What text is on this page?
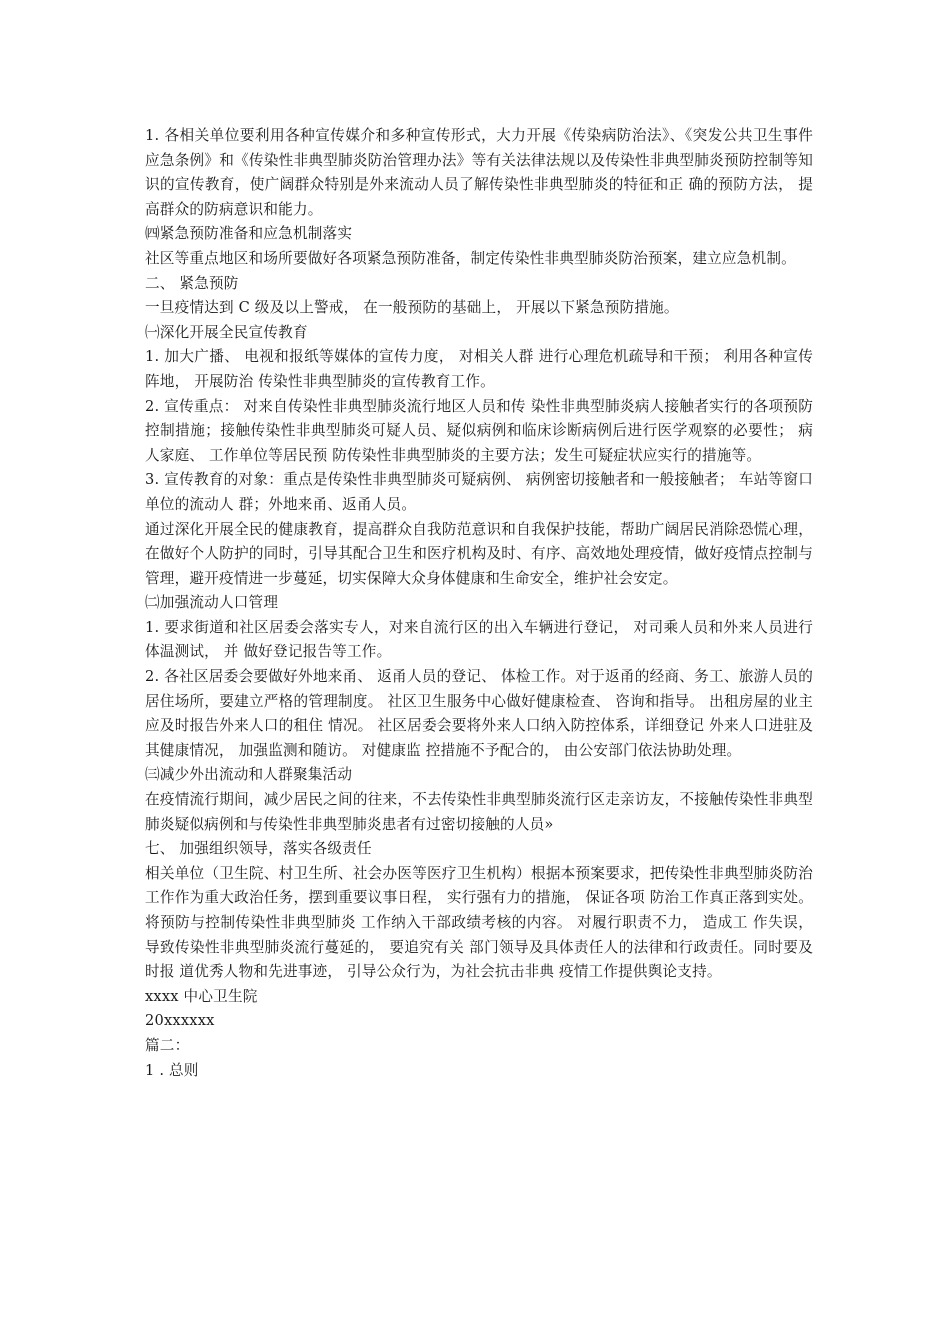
1. 各相关单位要利用各种宣传媒介和多种宣传形式，大力开展《传染病防治法》、《突发公共卫生事件应急条例》和《传染性非典型肺炎防治管理办法》等有关法律法规以及传染性非典型肺炎预防控制等知识的宣传教育，使广阔群众特别是外来流动人员了解传染性非典型肺炎的特征和正 确的预防方法， 提高群众的防病意识和能力。

㈣紧急预防准备和应急机制落实

社区等重点地区和场所要做好各项紧急预防准备，制定传染性非典型肺炎防治预案，建立应急机制。

二、 紧急预防

一旦疫情达到 C 级及以上警戒， 在一般预防的基础上， 开展以下紧急预防措施。

㈠深化开展全民宣传教育

1. 加大广播、 电视和报纸等媒体的宣传力度， 对相关人群 进行心理危机疏导和干预； 利用各种宣传阵地， 开展防治 传染性非典型肺炎的宣传教育工作。

2. 宣传重点： 对来自传染性非典型肺炎流行地区人员和传 染性非典型肺炎病人接触者实行的各项预防控制措施；接触传染性非典型肺炎可疑人员、疑似病例和临床诊断病例后进行医学观察的必要性； 病人家庭、 工作单位等居民预 防传染性非典型肺炎的主要方法；发生可疑症状应实行的措施等。

3. 宣传教育的对象：重点是传染性非典型肺炎可疑病例、 病例密切接触者和一般接触者； 车站等窗口单位的流动人 群；外地来甬、返甬人员。

通过深化开展全民的健康教育，提高群众自我防范意识和自我保护技能，帮助广阔居民消除恐慌心理，在做好个人防护的同时，引导其配合卫生和医疗机构及时、有序、高效地处理疫情，做好疫情点控制与管理，避开疫情进一步蔓延，切实保障大众身体健康和生命安全，维护社会安定。

㈡加强流动人口管理

1. 要求街道和社区居委会落实专人，对来自流行区的出入车辆进行登记， 对司乘人员和外来人员进行体温测试， 并 做好登记报告等工作。

2. 各社区居委会要做好外地来甬、 返甬人员的登记、 体检工作。对于返甬的经商、务工、旅游人员的居住场所，要建立严格的管理制度。 社区卫生服务中心做好健康检查、 咨询和指导。 出租房屋的业主应及时报告外来人口的租住 情况。 社区居委会要将外来人口纳入防控体系，详细登记 外来人口进驻及其健康情况， 加强监测和随访。 对健康监 控措施不予配合的， 由公安部门依法协助处理。

㈢减少外出流动和人群聚集活动

在疫情流行期间，减少居民之间的往来，不去传染性非典型肺炎流行区走亲访友，不接触传染性非典型肺炎疑似病例和与传染性非典型肺炎患者有过密切接触的人员»

七、 加强组织领导，落实各级责任

相关单位（卫生院、村卫生所、社会办医等医疗卫生机构）根据本预案要求，把传染性非典型肺炎防治工作作为重大政治任务，摆到重要议事日程， 实行强有力的措施， 保证各项 防治工作真正落到实处。 将预防与控制传染性非典型肺炎 工作纳入干部政绩考核的内容。 对履行职责不力， 造成工 作失误， 导致传染性非典型肺炎流行蔓延的， 要追究有关 部门领导及具体责任人的法律和行政责任。同时要及时报 道优秀人物和先进事迹， 引导公众行为，为社会抗击非典 疫情工作提供舆论支持。

xxxx 中心卫生院

20xxxxxx

篇二：

1 . 总则
